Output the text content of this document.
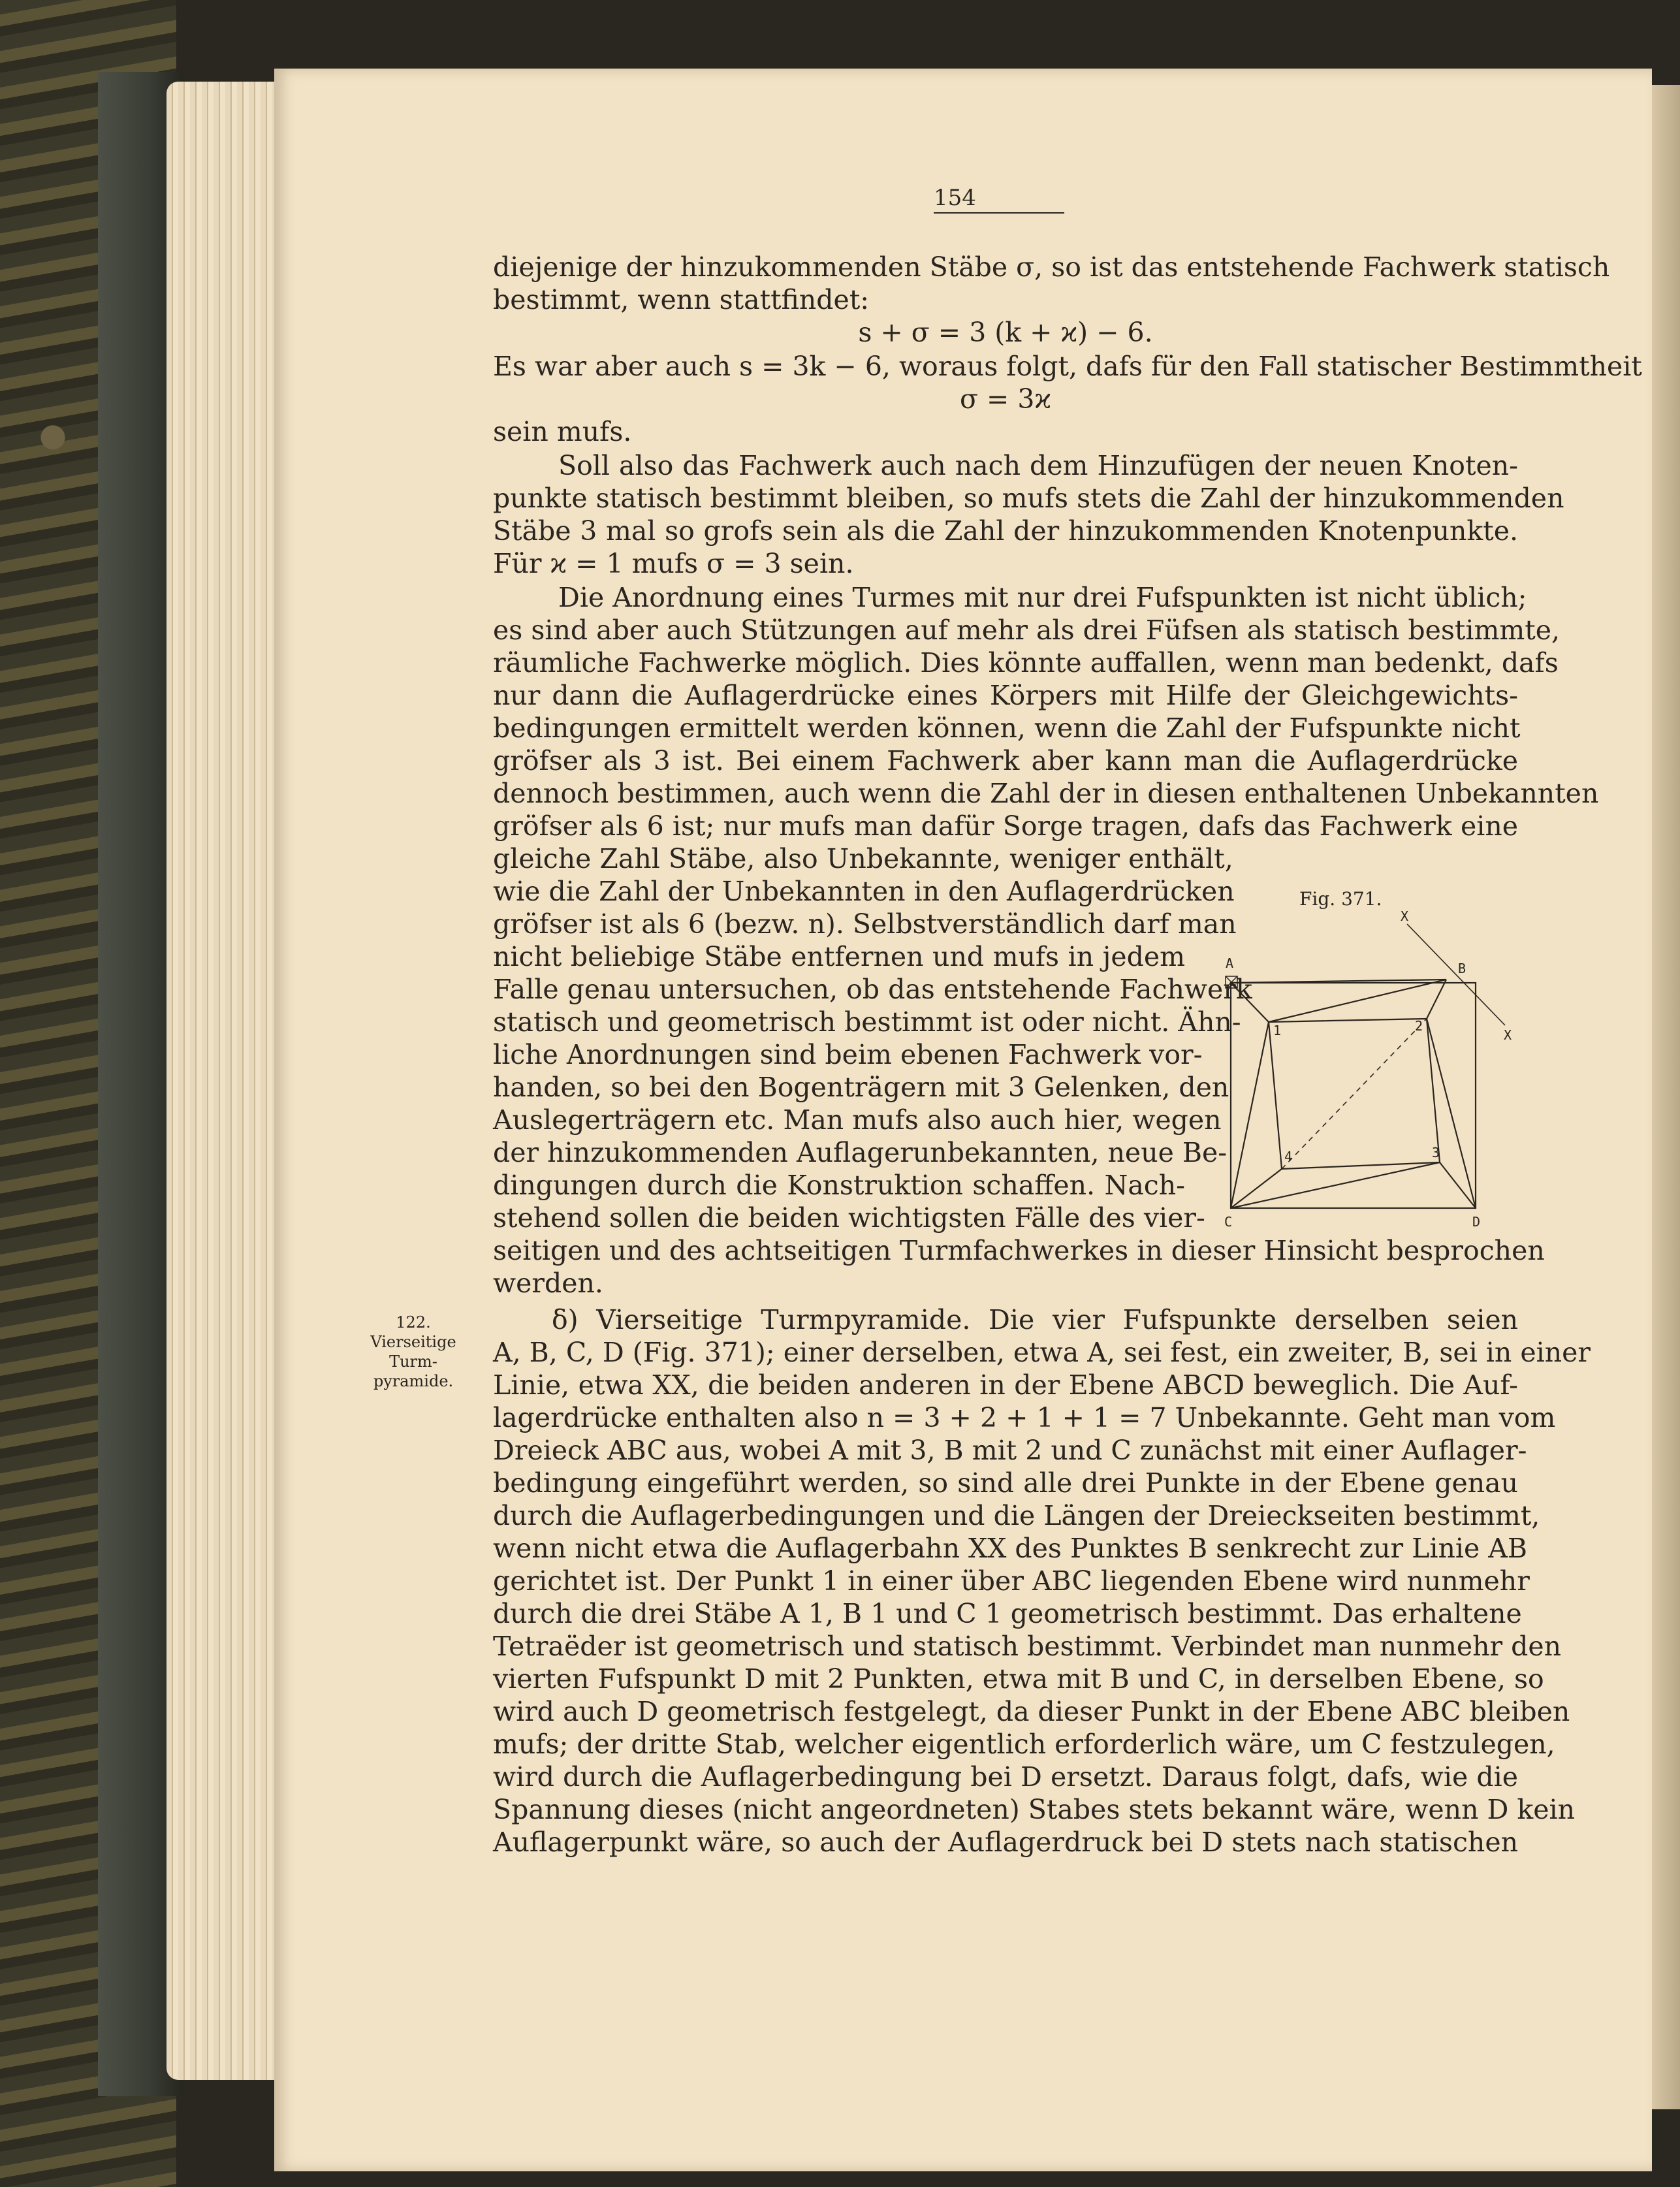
154
diejenige der hinzukommenden Stäbe σ, so ist das entstehende Fachwerk statisch
bestimmt, wenn stattfindet:
s + σ = 3 (k + ϰ) − 6.
Es war aber auch s = 3k − 6, woraus folgt, dafs für den Fall statischer Bestimmtheit
σ = 3ϰ
sein mufs.
Soll also das Fachwerk auch nach dem Hinzufügen der neuen Knoten-
punkte statisch bestimmt bleiben, so mufs stets die Zahl der hinzukommenden
Stäbe 3 mal so grofs sein als die Zahl der hinzukommenden Knotenpunkte.
Für ϰ = 1 mufs σ = 3 sein.
Die Anordnung eines Turmes mit nur drei Fufspunkten ist nicht üblich;
es sind aber auch Stützungen auf mehr als drei Füfsen als statisch bestimmte,
räumliche Fachwerke möglich. Dies könnte auffallen, wenn man bedenkt, dafs
nur dann die Auflagerdrücke eines Körpers mit Hilfe der Gleichgewichts-
bedingungen ermittelt werden können, wenn die Zahl der Fufspunkte nicht
gröfser als 3 ist. Bei einem Fachwerk aber kann man die Auflagerdrücke
dennoch bestimmen, auch wenn die Zahl der in diesen enthaltenen Unbekannten
gröfser als 6 ist; nur mufs man dafür Sorge tragen, dafs das Fachwerk eine
gleiche Zahl Stäbe, also Unbekannte, weniger enthält,
wie die Zahl der Unbekannten in den Auflagerdrücken
gröfser ist als 6 (bezw. n). Selbstverständlich darf man
nicht beliebige Stäbe entfernen und mufs in jedem
Falle genau untersuchen, ob das entstehende Fachwerk
statisch und geometrisch bestimmt ist oder nicht. Ähn-
liche Anordnungen sind beim ebenen Fachwerk vor-
handen, so bei den Bogenträgern mit 3 Gelenken, den
Auslegerträgern etc. Man mufs also auch hier, wegen
der hinzukommenden Auflagerunbekannten, neue Be-
dingungen durch die Konstruktion schaffen. Nach-
stehend sollen die beiden wichtigsten Fälle des vier-
seitigen und des achtseitigen Turmfachwerkes in dieser Hinsicht besprochen
werden.
δ) Vierseitige Turmpyramide. Die vier Fufspunkte derselben seien
A, B, C, D (Fig. 371); einer derselben, etwa A, sei fest, ein zweiter, B, sei in einer
Linie, etwa XX, die beiden anderen in der Ebene ABCD beweglich. Die Auf-
lagerdrücke enthalten also n = 3 + 2 + 1 + 1 = 7 Unbekannte. Geht man vom
Dreieck ABC aus, wobei A mit 3, B mit 2 und C zunächst mit einer Auflager-
bedingung eingeführt werden, so sind alle drei Punkte in der Ebene genau
durch die Auflagerbedingungen und die Längen der Dreieckseiten bestimmt,
wenn nicht etwa die Auflagerbahn XX des Punktes B senkrecht zur Linie AB
gerichtet ist. Der Punkt 1 in einer über ABC liegenden Ebene wird nunmehr
durch die drei Stäbe A 1, B 1 und C 1 geometrisch bestimmt. Das erhaltene
Tetraëder ist geometrisch und statisch bestimmt. Verbindet man nunmehr den
vierten Fufspunkt D mit 2 Punkten, etwa mit B und C, in derselben Ebene, so
wird auch D geometrisch festgelegt, da dieser Punkt in der Ebene ABC bleiben
mufs; der dritte Stab, welcher eigentlich erforderlich wäre, um C festzulegen,
wird durch die Auflagerbedingung bei D ersetzt. Daraus folgt, dafs, wie die
Spannung dieses (nicht angeordneten) Stabes stets bekannt wäre, wenn D kein
Auflagerpunkt wäre, so auch der Auflagerdruck bei D stets nach statischen
122.
Vierseitige
Turm-
pyramide.
Fig. 371.
X
A	B
X
1	2
3
4
C	D
